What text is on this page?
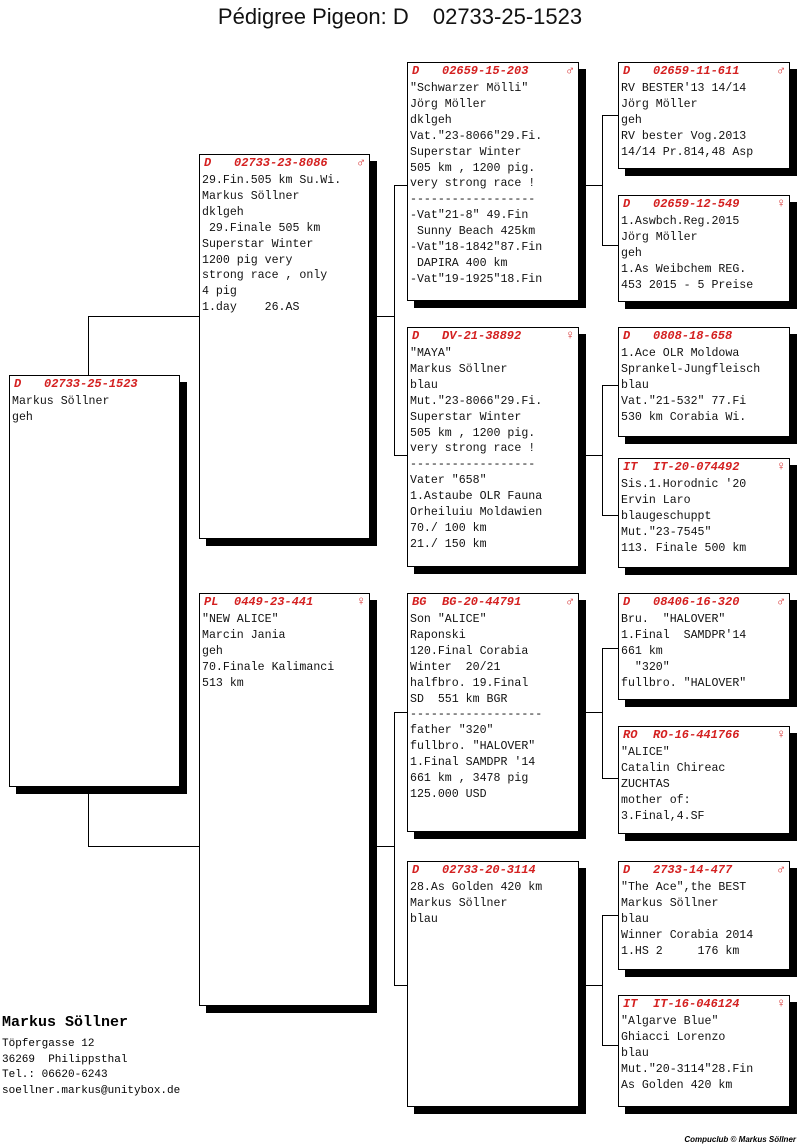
Pédigree Pigeon: D 02733-25-1523
D 02733-25-1523
Markus Söllner
geh
D 02733-23-8086 ♂
29.Fin.505 km Su.Wi.
Markus Söllner
dklgeh
29.Finale 505 km
Superstar Winter
1200 pig very
strong race , only
4 pig
1.day    26.AS
PL 0449-23-441	♀
"NEW ALICE"
Marcin Jania
geh
70.Finale Kalimanci
513 km
D 02659-15-203	♂
"Schwarzer Mölli"
Jörg Möller
dklgeh
Vat."23-8066"29.Fi.
Superstar Winter
505 km , 1200 pig.
very strong race !
------------------
-Vat"21-8" 49.Fin
Sunny Beach 425km
-Vat"18-1842"87.Fin
DAPIRA 400 km
-Vat"19-1925"18.Fin
D DV-21-38892	♀
"MAYA"
Markus Söllner
blau
Mut."23-8066"29.Fi.
Superstar Winter
505 km , 1200 pig.
very strong race !
------------------
Vater "658"
1.Astaube OLR Fauna
Orheiluiu Moldawien
70./ 100 km
21./ 150 km
BG BG-20-44791	♂
Son "ALICE"
Raponski
120.Final Corabia
Winter  20/21
halfbro. 19.Final
SD  551 km BGR
-------------------
father "320"
fullbro. "HALOVER"
1.Final SAMDPR '14
661 km , 3478 pig
125.000 USD
D 02733-20-3114
28.As Golden 420 km
Markus Söllner
blau
D 02659-11-611	♂
RV BESTER'13 14/14
Jörg Möller
geh
RV bester Vog.2013
14/14 Pr.814,48 Asp
D 02659-12-549	♀
1.Aswbch.Reg.2015
Jörg Möller
geh
1.As Weibchem REG.
453 2015 - 5 Preise
D 0808-18-658
1.Ace OLR Moldowa
Sprankel-Jungfleisch
blau
Vat."21-532" 77.Fi
530 km Corabia Wi.
IT IT-20-074492	♀
Sis.1.Horodnic '20
Ervin Laro
blaugeschuppt
Mut."23-7545"
113. Finale 500 km
D 08406-16-320	♂
Bru.  "HALOVER"
1.Final  SAMDPR'14
661 km
"320"
fullbro. "HALOVER"
RO RO-16-441766	♀
"ALICE"
Catalin Chireac
ZUCHTAS
mother of:
3.Final,4.SF
D 2733-14-477	♂
"The Ace",the BEST
Markus Söllner
blau
Winner Corabia 2014
1.HS 2     176 km
IT IT-16-046124	♀
"Algarve Blue"
Ghiacci Lorenzo
blau
Mut."20-3114"28.Fin
As Golden 420 km
Markus Söllner
Töpfergasse 12
36269  Philippsthal
Tel.: 06620-6243
soellner.markus@unitybox.de
Compuclub © Markus Söllner
